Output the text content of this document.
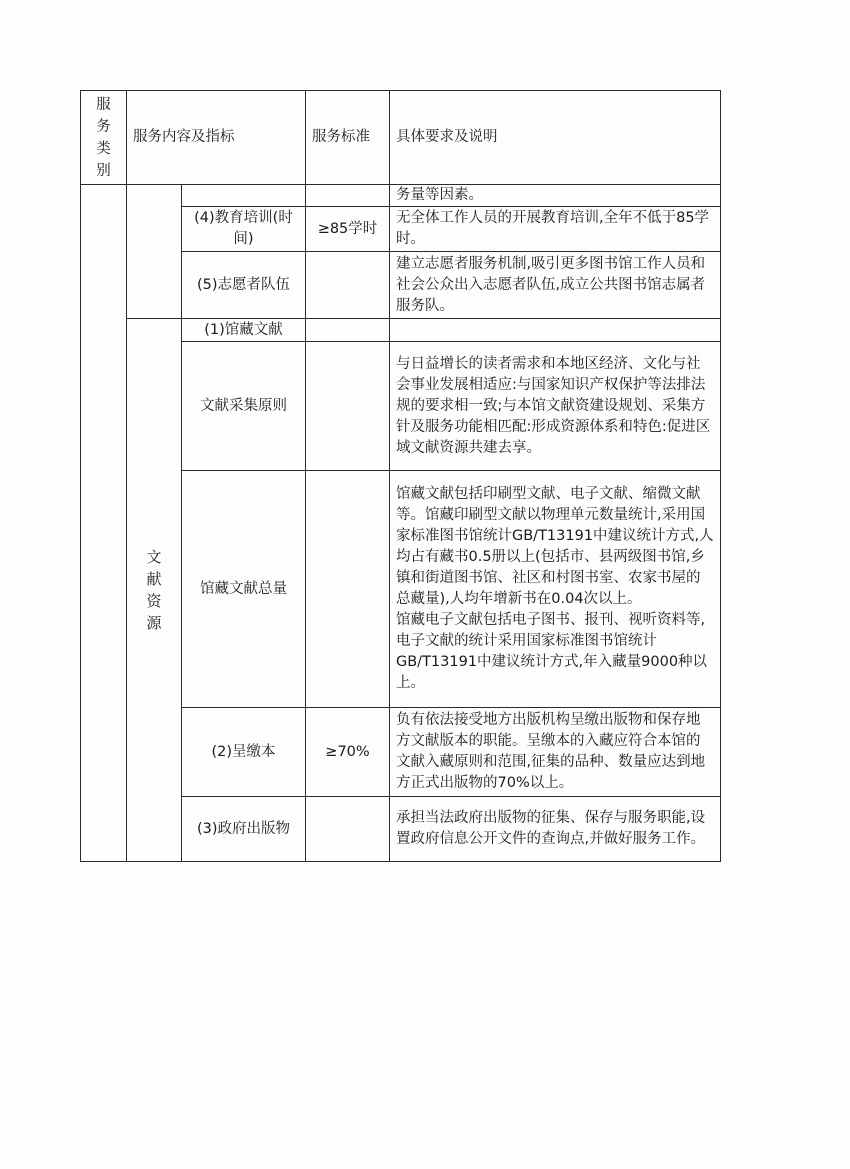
服务类别	服务内容及指标		服务标准	具体要求及说明
				务量等因素。
		(4)教育培训(时间)	≥85学时	无全体工作人员的开展教育培训,全年不低于85学时。
		(5)志愿者队伍		建立志愿者服务机制,吸引更多图书馆工作人员和社会公众出入志愿者队伍,成立公共图书馆志属者服务队。

	文献资源	(1)馆藏文献		
		文献采集原则		与日益增长的读者需求和本地区经济、文化与社会事业发展相适应:与国家知识产权保护等法排法规的要求相一致;与本馆文献资建设规划、采集方针及服务功能相匹配:形成资源体系和特色:促进区域文献资源共建去享。
		馆藏文献总量		馆藏文献包括印刷型文献、电子文献、缩微文献等。馆藏印刷型文献以物理单元数量统计,采用国家标准图书馆统计GB/T13191中建议统计方式,人均占有藏书0.5册以上(包括市、县两级图书馆,乡镇和街道图书馆、社区和村图书室、农家书屋的总藏量),人均年增新书在0.04次以上。
馆藏电子文献包括电子图书、报刊、视听资料等,电子文献的统计采用国家标准图书馆统计GB/T13191中建议统计方式,年入藏量9000种以上。

		(2)呈缴本	≥70%	负有依法接受地方出版机构呈缴出版物和保存地方文献版本的职能。呈缴本的入藏应符合本馆的文献入藏原则和范围,征集的品种、数量应达到地方正式出版物的70%以上。
		(3)政府出版物		承担当法政府出版物的征集、保存与服务职能,设置政府信息公开文件的查询点,并做好服务工作。
